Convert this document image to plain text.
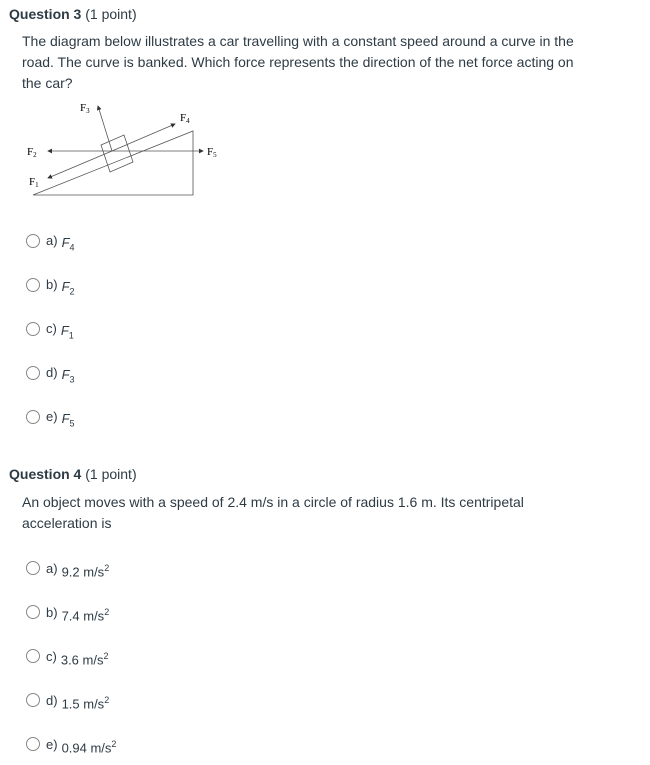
Question 3 (1 point)
The diagram below illustrates a car travelling with a constant speed around a curve in the road. The curve is banked. Which force represents the direction of the net force acting on the car?
F2	F5
F1
F4
F3
a) $F_4$
b) $F_2$
c) $F_1$
d) $F_3$
e) $F_5$
Question 4 (1 point)
An object moves with a speed of 2.4 m/s in a circle of radius 1.6 m. Its centripetal acceleration is
a) 9.2 $m/s^2$
b) 7.4 $m/s^2$
c) 3.6 $m/s^2$
d) 1.5 $m/s^2$
e) 0.94 $m/s^2$
